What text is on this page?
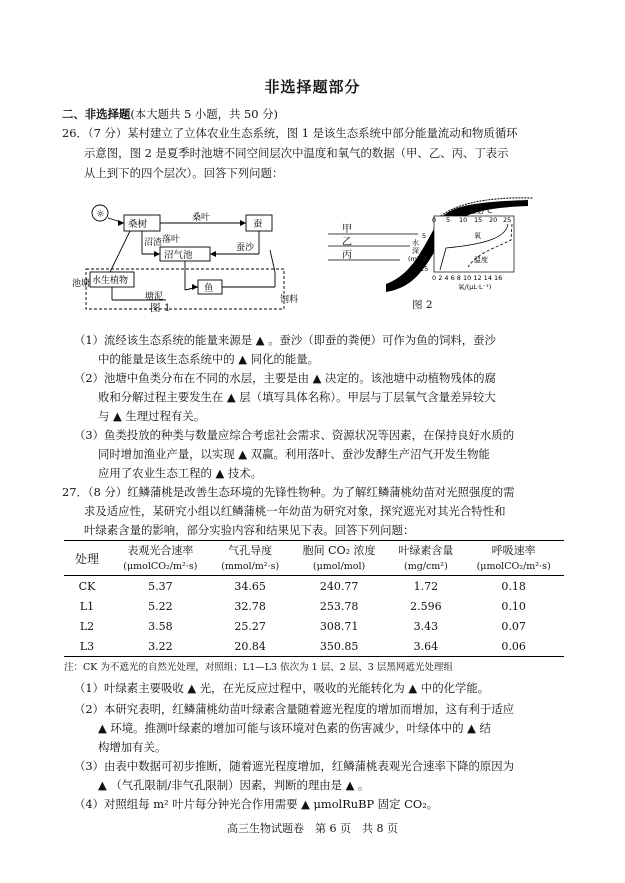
非选择题部分
二、非选择题(本大题共 5 小题，共 50 分)
26．（7 分）某村建立了立体农业生态系统，图 1 是该生态系统中部分能量流动和物质循环
示意图，图 2 是夏季时池塘不同空间层次中温度和氧气的数据（甲、乙、丙、丁表示
从上到下的四个层次）。回答下列问题：
☼
桑树	蚕
桑叶
落叶
沼渣
沼气池
蚕沙
水生植物
塘泥
鱼
饲料
池塘
图 1
甲
乙
丙
丁
温度/℃
0 5 10 15 20 25
5
10
15
水
深
(m)
氧
温度
0 2 4 6 8 10 12 14 16
氧/(μL·L⁻¹)
图 2
（1）流经该生态系统的能量来源是 ▲ 。蚕沙（即蚕的粪便）可作为鱼的饲料，蚕沙
中的能量是该生态系统中的 ▲ 同化的能量。
（2）池塘中鱼类分布在不同的水层，主要是由 ▲ 决定的。该池塘中动植物残体的腐
败和分解过程主要发生在 ▲ 层（填写具体名称）。甲层与丁层氧气含量差异较大
与 ▲ 生理过程有关。
（3）鱼类投放的种类与数量应综合考虑社会需求、资源状况等因素，在保持良好水质的
同时增加渔业产量，以实现 ▲ 双赢。利用落叶、蚕沙发酵生产沼气开发生物能
应用了农业生态工程的 ▲ 技术。
27．（8 分）红鳞蒲桃是改善生态环境的先锋性物种。为了解红鳞蒲桃幼苗对光照强度的需
求及适应性，某研究小组以红鳞蒲桃一年幼苗为研究对象，探究遮光对其光合特性和
叶绿素含量的影响，部分实验内容和结果见下表。回答下列问题：
处理	表观光合速率	气孔导度	胞间 CO₂ 浓度	叶绿素含量	呼吸速率
	(μmolCO₂/m²·s)	(mmol/m²·s)	(μmol/mol)	(mg/cm²)	(μmolCO₂/m²·s)
CK	5.37	34.65	240.77	1.72	0.18
L1	5.22	32.78	253.78	2.596	0.10
L2	3.58	25.27	308.71	3.43	0.07
L3	3.22	20.84	350.85	3.64	0.06
注：CK 为不遮光的自然光处理，对照组；L1—L3 依次为 1 层、2 层、3 层黑网遮光处理组
（1）叶绿素主要吸收 ▲ 光，在光反应过程中，吸收的光能转化为 ▲ 中的化学能。
（2）本研究表明，红鳞蒲桃幼苗叶绿素含量随着遮光程度的增加而增加，这有利于适应
▲ 环境。推测叶绿素的增加可能与该环境对色素的伤害减少，叶绿体中的 ▲ 结
构增加有关。
（3）由表中数据可初步推断，随着遮光程度增加，红鳞蒲桃表观光合速率下降的原因为
▲ （气孔限制/非气孔限制）因素，判断的理由是 ▲ 。
（4）对照组每 m² 叶片每分钟光合作用需要 ▲ μmolRuBP 固定 CO₂。
高三生物试题卷　第 6 页　共 8 页
